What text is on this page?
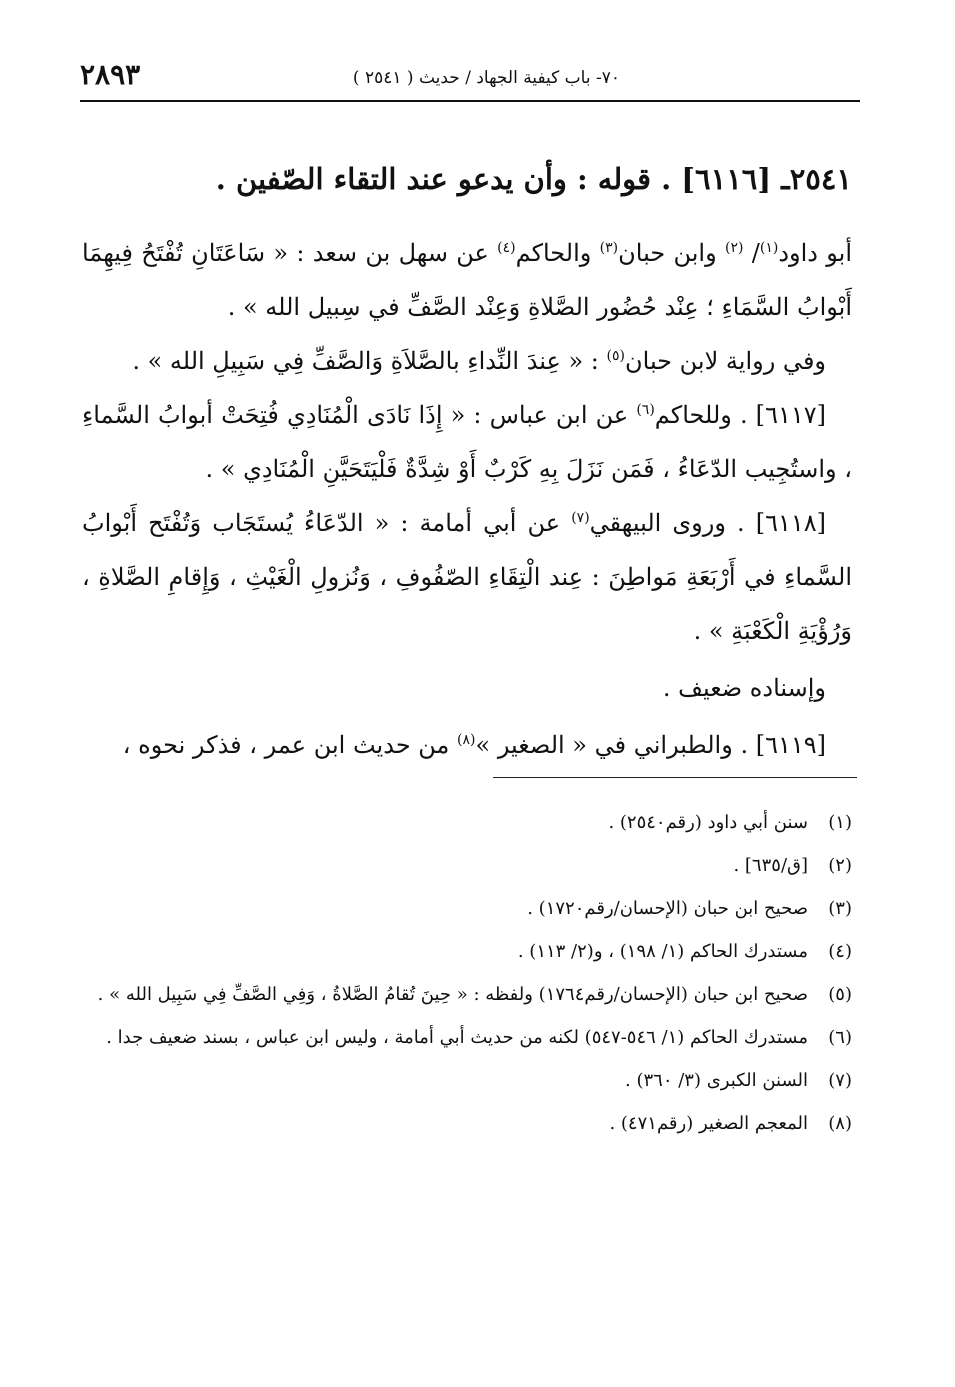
٧٠- باب كيفية الجهاد / حديث ( ٢٥٤١ )
٢٨٩٣
٢٥٤١ـ [٦١١٦] . قوله : وأن يدعو عند التقاء الصّفين .

أبو داود$^{(١)}$/ $^{(٢)}$ وابن حبان$^{(٣)}$ والحاكم$^{(٤)}$ عن سهل بن سعد : « سَاعَتَانِ تُفْتَحُ فِيهِمَا أَبْوابُ السَّمَاءِ ؛ عِنْد حُضُور الصَّلاةِ وَعِنْد الصَّفِّ في سِبيل الله » .

وفي رواية لابن حبان$^{(٥)}$ : « عِندَ النِّداءِ بالصَّلاَةِ وَالصَّفِّ فِي سَبِيلِ الله » .

[٦١١٧] . وللحاكم$^{(٦)}$ عن ابن عباس : « إِذَا نَادَى الْمُنَادِي فُتِحَتْ أبوابُ السَّماءِ ، واستُجِيب الدّعَاءُ ، فَمَن نَزَلَ بِهِ كَرْبٌ أَوْ شِدَّةٌ فَلْيَتَحَيَّنِ الْمُنَادِي » .

[٦١١٨] . وروى البيهقي$^{(٧)}$ عن أبي أمامة : « الدّعَاءُ يُستَجَاب وَتُفْتَح أَبْوابُ السَّماءِ في أَرْبَعَةِ مَواطِنَ : عِند الْتِقَاءِ الصّفُوفِ ، وَنُزولِ الْغَيْثِ ، وَإِقامِ الصَّلاةِ ، وَرُؤْيَةِ الْكَعْبَةِ » .

وإسناده ضعيف .

[٦١١٩] . والطبراني في « الصغير »$^{(٨)}$ من حديث ابن عمر ، فذكر نحوه ،

(١)
سنن أبي داود (رقم٢٥٤٠) .
(٢)
[ق/٦٣٥] .
(٣)
صحيح ابن حبان (الإحسان/رقم١٧٢٠) .
(٤)
مستدرك الحاكم (١/ ١٩٨) ، و(٢/ ١١٣) .
(٥)
صحيح ابن حبان (الإحسان/رقم١٧٦٤) ولفظه : « حِينَ تُقامُ الصَّلاةُ ، وَفِي الصَّفِّ فِي سَبِيل الله » .
(٦)
مستدرك الحاكم (١/ ٥٤٦-٥٤٧) لكنه من حديث أبي أمامة ، وليس ابن عباس ، بسند ضعيف جدا .
(٧)
السنن الكبرى (٣/ ٣٦٠) .
(٨)
المعجم الصغير (رقم٤٧١) .
